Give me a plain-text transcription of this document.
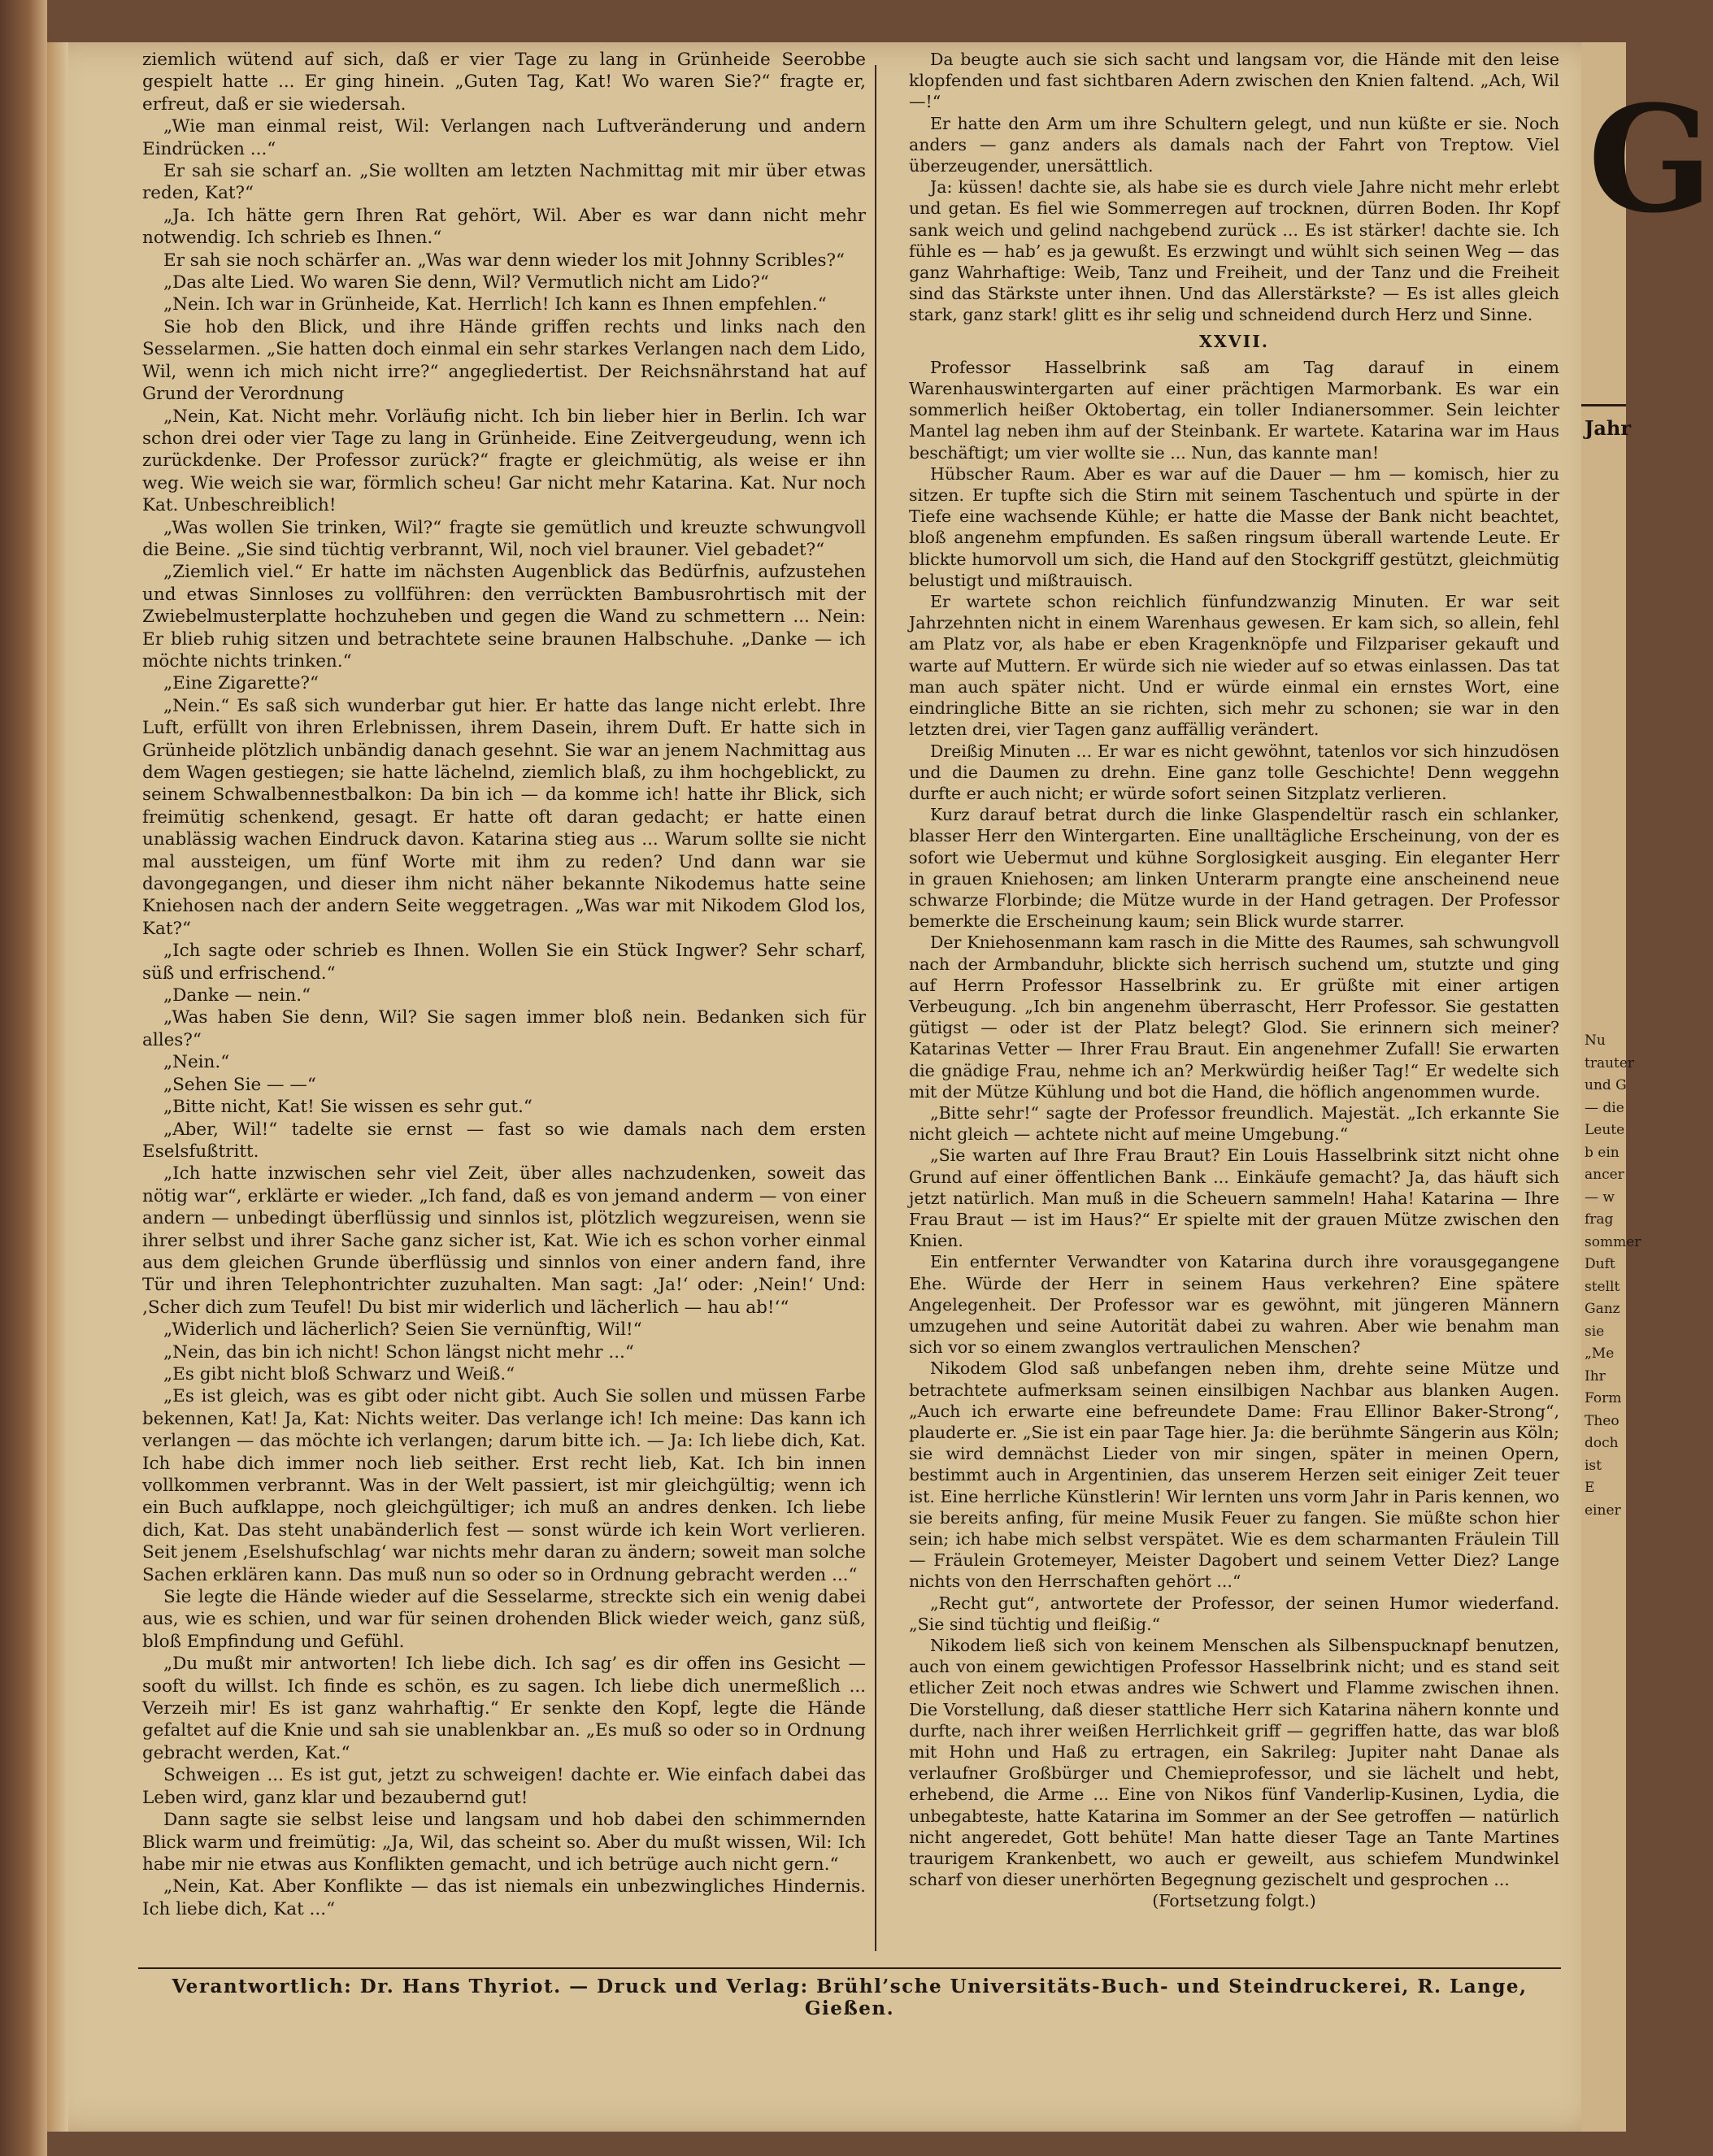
ziemlich wütend auf sich, daß er vier Tage zu lang in Grünheide Seerobbe gespielt hatte ... Er ging hinein. „Guten Tag, Kat! Wo waren Sie?“ fragte er, erfreut, daß er sie wiedersah.

„Wie man einmal reist, Wil: Verlangen nach Luftveränderung und andern Eindrücken ...“

Er sah sie scharf an. „Sie wollten am letzten Nachmittag mit mir über etwas reden, Kat?“

„Ja. Ich hätte gern Ihren Rat gehört, Wil. Aber es war dann nicht mehr notwendig. Ich schrieb es Ihnen.“

Er sah sie noch schärfer an. „Was war denn wieder los mit Johnny Scribles?“

„Das alte Lied. Wo waren Sie denn, Wil? Vermutlich nicht am Lido?“

„Nein. Ich war in Grünheide, Kat. Herrlich! Ich kann es Ihnen empfehlen.“

Sie hob den Blick, und ihre Hände griffen rechts und links nach den Sesselarmen. „Sie hatten doch einmal ein sehr starkes Verlangen nach dem Lido, Wil, wenn ich mich nicht irre?“ angegliedertist. Der Reichsnährstand hat auf Grund der Verordnung

„Nein, Kat. Nicht mehr. Vorläufig nicht. Ich bin lieber hier in Berlin. Ich war schon drei oder vier Tage zu lang in Grünheide. Eine Zeitvergeudung, wenn ich zurückdenke. Der Professor zurück?“ fragte er gleichmütig, als weise er ihn weg. Wie weich sie war, förmlich scheu! Gar nicht mehr Katarina. Kat. Nur noch Kat. Unbeschreiblich!

„Was wollen Sie trinken, Wil?“ fragte sie gemütlich und kreuzte schwungvoll die Beine. „Sie sind tüchtig verbrannt, Wil, noch viel brauner. Viel gebadet?“

„Ziemlich viel.“ Er hatte im nächsten Augenblick das Bedürfnis, aufzustehen und etwas Sinnloses zu vollführen: den verrückten Bambusrohrtisch mit der Zwiebelmusterplatte hochzuheben und gegen die Wand zu schmettern ... Nein: Er blieb ruhig sitzen und betrachtete seine braunen Halbschuhe. „Danke — ich möchte nichts trinken.“

„Eine Zigarette?“

„Nein.“ Es saß sich wunderbar gut hier. Er hatte das lange nicht erlebt. Ihre Luft, erfüllt von ihren Erlebnissen, ihrem Dasein, ihrem Duft. Er hatte sich in Grünheide plötzlich unbändig danach gesehnt. Sie war an jenem Nachmittag aus dem Wagen gestiegen; sie hatte lächelnd, ziemlich blaß, zu ihm hochgeblickt, zu seinem Schwalbennestbalkon: Da bin ich — da komme ich! hatte ihr Blick, sich freimütig schenkend, gesagt. Er hatte oft daran gedacht; er hatte einen unablässig wachen Eindruck davon. Katarina stieg aus ... Warum sollte sie nicht mal aussteigen, um fünf Worte mit ihm zu reden? Und dann war sie davongegangen, und dieser ihm nicht näher bekannte Nikodemus hatte seine Kniehosen nach der andern Seite weggetragen. „Was war mit Nikodem Glod los, Kat?“

„Ich sagte oder schrieb es Ihnen. Wollen Sie ein Stück Ingwer? Sehr scharf, süß und erfrischend.“

„Danke — nein.“

„Was haben Sie denn, Wil? Sie sagen immer bloß nein. Bedanken sich für alles?“

„Nein.“

„Sehen Sie — —“

„Bitte nicht, Kat! Sie wissen es sehr gut.“

„Aber, Wil!“ tadelte sie ernst — fast so wie damals nach dem ersten Eselsfußtritt.

„Ich hatte inzwischen sehr viel Zeit, über alles nachzudenken, soweit das nötig war“, erklärte er wieder. „Ich fand, daß es von jemand anderm — von einer andern — unbedingt überflüssig und sinnlos ist, plötzlich wegzureisen, wenn sie ihrer selbst und ihrer Sache ganz sicher ist, Kat. Wie ich es schon vorher einmal aus dem gleichen Grunde überflüssig und sinnlos von einer andern fand, ihre Tür und ihren Telephontrichter zuzuhalten. Man sagt: ‚Ja!‘ oder: ‚Nein!‘ Und: ‚Scher dich zum Teufel! Du bist mir widerlich und lächerlich — hau ab!‘“

„Widerlich und lächerlich? Seien Sie vernünftig, Wil!“

„Nein, das bin ich nicht! Schon längst nicht mehr ...“

„Es gibt nicht bloß Schwarz und Weiß.“

„Es ist gleich, was es gibt oder nicht gibt. Auch Sie sollen und müssen Farbe bekennen, Kat! Ja, Kat: Nichts weiter. Das verlange ich! Ich meine: Das kann ich verlangen — das möchte ich verlangen; darum bitte ich. — Ja: Ich liebe dich, Kat. Ich habe dich immer noch lieb seither. Erst recht lieb, Kat. Ich bin innen vollkommen verbrannt. Was in der Welt passiert, ist mir gleichgültig; wenn ich ein Buch aufklappe, noch gleichgültiger; ich muß an andres denken. Ich liebe dich, Kat. Das steht unabänderlich fest — sonst würde ich kein Wort verlieren. Seit jenem ‚Eselshufschlag‘ war nichts mehr daran zu ändern; soweit man solche Sachen erklären kann. Das muß nun so oder so in Ordnung gebracht werden ...“

Sie legte die Hände wieder auf die Sesselarme, streckte sich ein wenig dabei aus, wie es schien, und war für seinen drohenden Blick wieder weich, ganz süß, bloß Empfindung und Gefühl.

„Du mußt mir antworten! Ich liebe dich. Ich sag’ es dir offen ins Gesicht — sooft du willst. Ich finde es schön, es zu sagen. Ich liebe dich unermeßlich ... Verzeih mir! Es ist ganz wahrhaftig.“ Er senkte den Kopf, legte die Hände gefaltet auf die Knie und sah sie unablenkbar an. „Es muß so oder so in Ordnung gebracht werden, Kat.“

Schweigen ... Es ist gut, jetzt zu schweigen! dachte er. Wie einfach dabei das Leben wird, ganz klar und bezaubernd gut!

Dann sagte sie selbst leise und langsam und hob dabei den schimmernden Blick warm und freimütig: „Ja, Wil, das scheint so. Aber du mußt wissen, Wil: Ich habe mir nie etwas aus Konflikten gemacht, und ich betrüge auch nicht gern.“

„Nein, Kat. Aber Konflikte — das ist niemals ein unbezwingliches Hindernis. Ich liebe dich, Kat ...“

Da beugte auch sie sich sacht und langsam vor, die Hände mit den leise klopfenden und fast sichtbaren Adern zwischen den Knien faltend. „Ach, Wil —!“

Er hatte den Arm um ihre Schultern gelegt, und nun küßte er sie. Noch anders — ganz anders als damals nach der Fahrt von Treptow. Viel überzeugender, unersättlich.

Ja: küssen! dachte sie, als habe sie es durch viele Jahre nicht mehr erlebt und getan. Es fiel wie Sommerregen auf trocknen, dürren Boden. Ihr Kopf sank weich und gelind nachgebend zurück ... Es ist stärker! dachte sie. Ich fühle es — hab’ es ja gewußt. Es erzwingt und wühlt sich seinen Weg — das ganz Wahrhaftige: Weib, Tanz und Freiheit, und der Tanz und die Freiheit sind das Stärkste unter ihnen. Und das Allerstärkste? — Es ist alles gleich stark, ganz stark! glitt es ihr selig und schneidend durch Herz und Sinne.

XXVII.

Professor Hasselbrink saß am Tag darauf in einem Warenhauswintergarten auf einer prächtigen Marmorbank. Es war ein sommerlich heißer Oktobertag, ein toller Indianersommer. Sein leichter Mantel lag neben ihm auf der Steinbank. Er wartete. Katarina war im Haus beschäftigt; um vier wollte sie ... Nun, das kannte man!

Hübscher Raum. Aber es war auf die Dauer — hm — komisch, hier zu sitzen. Er tupfte sich die Stirn mit seinem Taschentuch und spürte in der Tiefe eine wachsende Kühle; er hatte die Masse der Bank nicht beachtet, bloß angenehm empfunden. Es saßen ringsum überall wartende Leute. Er blickte humorvoll um sich, die Hand auf den Stockgriff gestützt, gleichmütig belustigt und mißtrauisch.

Er wartete schon reichlich fünfundzwanzig Minuten. Er war seit Jahrzehnten nicht in einem Warenhaus gewesen. Er kam sich, so allein, fehl am Platz vor, als habe er eben Kragenknöpfe und Filzpariser gekauft und warte auf Muttern. Er würde sich nie wieder auf so etwas einlassen. Das tat man auch später nicht. Und er würde einmal ein ernstes Wort, eine eindringliche Bitte an sie richten, sich mehr zu schonen; sie war in den letzten drei, vier Tagen ganz auffällig verändert.

Dreißig Minuten ... Er war es nicht gewöhnt, tatenlos vor sich hinzudösen und die Daumen zu drehn. Eine ganz tolle Geschichte! Denn weggehn durfte er auch nicht; er würde sofort seinen Sitzplatz verlieren.

Kurz darauf betrat durch die linke Glaspendeltür rasch ein schlanker, blasser Herr den Wintergarten. Eine unalltägliche Erscheinung, von der es sofort wie Uebermut und kühne Sorglosigkeit ausging. Ein eleganter Herr in grauen Kniehosen; am linken Unterarm prangte eine anscheinend neue schwarze Florbinde; die Mütze wurde in der Hand getragen. Der Professor bemerkte die Erscheinung kaum; sein Blick wurde starrer.

Der Kniehosenmann kam rasch in die Mitte des Raumes, sah schwungvoll nach der Armbanduhr, blickte sich herrisch suchend um, stutzte und ging auf Herrn Professor Hasselbrink zu. Er grüßte mit einer artigen Verbeugung. „Ich bin angenehm überrascht, Herr Professor. Sie gestatten gütigst — oder ist der Platz belegt? Glod. Sie erinnern sich meiner? Katarinas Vetter — Ihrer Frau Braut. Ein angenehmer Zufall! Sie erwarten die gnädige Frau, nehme ich an? Merkwürdig heißer Tag!“ Er wedelte sich mit der Mütze Kühlung und bot die Hand, die höflich angenommen wurde.

„Bitte sehr!“ sagte der Professor freundlich. Majestät. „Ich erkannte Sie nicht gleich — achtete nicht auf meine Umgebung.“

„Sie warten auf Ihre Frau Braut? Ein Louis Hasselbrink sitzt nicht ohne Grund auf einer öffentlichen Bank ... Einkäufe gemacht? Ja, das häuft sich jetzt natürlich. Man muß in die Scheuern sammeln! Haha! Katarina — Ihre Frau Braut — ist im Haus?“ Er spielte mit der grauen Mütze zwischen den Knien.

Ein entfernter Verwandter von Katarina durch ihre vorausgegangene Ehe. Würde der Herr in seinem Haus verkehren? Eine spätere Angelegenheit. Der Professor war es gewöhnt, mit jüngeren Männern umzugehen und seine Autorität dabei zu wahren. Aber wie benahm man sich vor so einem zwanglos vertraulichen Menschen?

Nikodem Glod saß unbefangen neben ihm, drehte seine Mütze und betrachtete aufmerksam seinen einsilbigen Nachbar aus blanken Augen. „Auch ich erwarte eine befreundete Dame: Frau Ellinor Baker-Strong“, plauderte er. „Sie ist ein paar Tage hier. Ja: die berühmte Sängerin aus Köln; sie wird demnächst Lieder von mir singen, später in meinen Opern, bestimmt auch in Argentinien, das unserem Herzen seit einiger Zeit teuer ist. Eine herrliche Künstlerin! Wir lernten uns vorm Jahr in Paris kennen, wo sie bereits anfing, für meine Musik Feuer zu fangen. Sie müßte schon hier sein; ich habe mich selbst verspätet. Wie es dem scharmanten Fräulein Till — Fräulein Grotemeyer, Meister Dagobert und seinem Vetter Diez? Lange nichts von den Herrschaften gehört ...“

„Recht gut“, antwortete der Professor, der seinen Humor wiederfand. „Sie sind tüchtig und fleißig.“

Nikodem ließ sich von keinem Menschen als Silbenspucknapf benutzen, auch von einem gewichtigen Professor Hasselbrink nicht; und es stand seit etlicher Zeit noch etwas andres wie Schwert und Flamme zwischen ihnen. Die Vorstellung, daß dieser stattliche Herr sich Katarina nähern konnte und durfte, nach ihrer weißen Herrlichkeit griff — gegriffen hatte, das war bloß mit Hohn und Haß zu ertragen, ein Sakrileg: Jupiter naht Danae als verlaufner Großbürger und Chemieprofessor, und sie lächelt und hebt, erhebend, die Arme ... Eine von Nikos fünf Vanderlip-Kusinen, Lydia, die unbegabteste, hatte Katarina im Sommer an der See getroffen — natürlich nicht angeredet, Gott behüte! Man hatte dieser Tage an Tante Martines traurigem Krankenbett, wo auch er geweilt, aus schiefem Mundwinkel scharf von dieser unerhörten Begegnung gezischelt und gesprochen ...

(Fortsetzung folgt.)

Verantwortlich: Dr. Hans Thyriot. — Druck und Verlag: Brühl’sche Universitäts-Buch- und Steindruckerei, R. Lange, Gießen.
G
Jahr
Nu
trauter
und G
— die
Leute
b ein
ancer
— w
frag
sommer
Duft
stellt
Ganz
sie
„Me
Ihr
Form
Theo
doch
ist
E
einer
